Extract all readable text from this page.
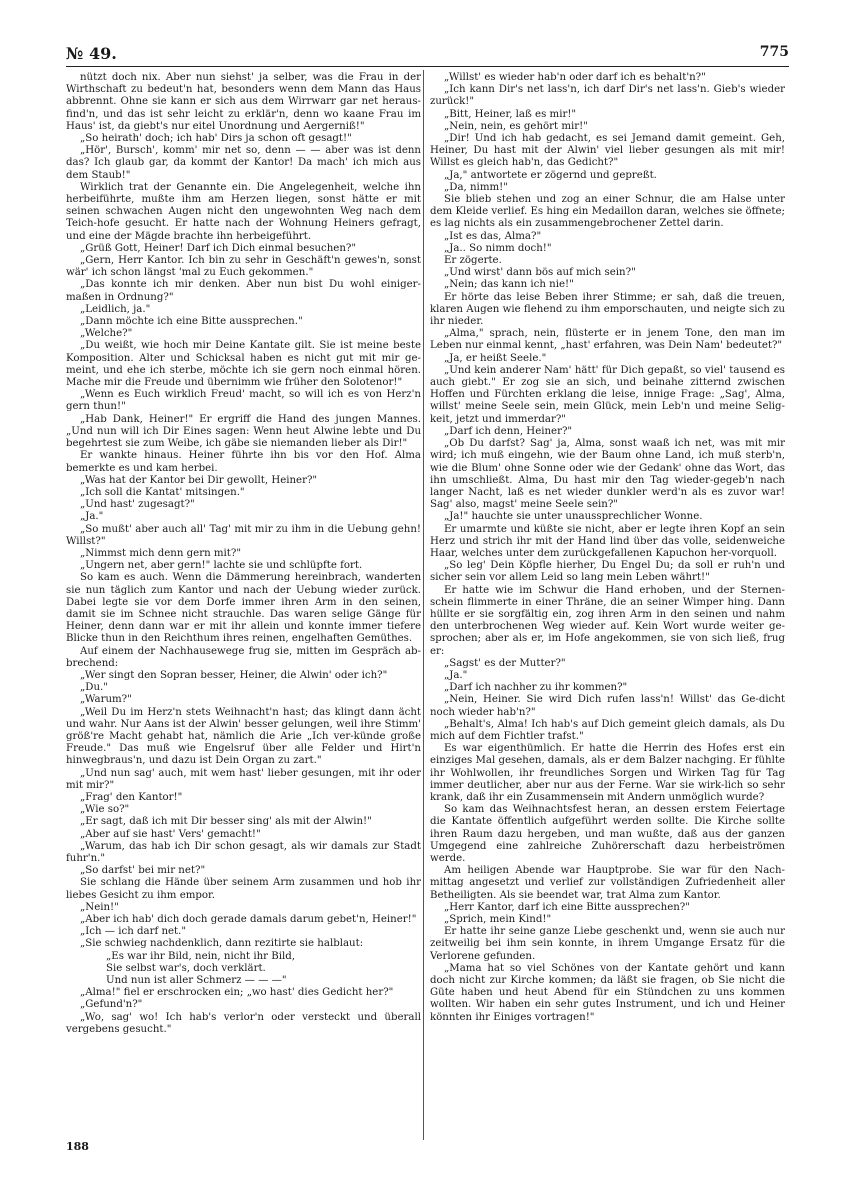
№ 49.	775

nützt doch nix. Aber nun siehst' ja selber, was die Frau in der Wirthschaft zu bedeut'n hat, besonders wenn dem Mann das Haus abbrennt. Ohne sie kann er sich aus dem Wirrwarr gar net heraus-find'n, und das ist sehr leicht zu erklär'n, denn wo kaane Frau im Haus' ist, da giebt's nur eitel Unordnung und Aergerniß!"

„So heirath' doch; ich hab' Dirs ja schon oft gesagt!"

„Hör', Bursch', komm' mir net so, denn — — aber was ist denn das? Ich glaub gar, da kommt der Kantor! Da mach' ich mich aus dem Staub!"

Wirklich trat der Genannte ein. Die Angelegenheit, welche ihn herbeiführte, mußte ihm am Herzen liegen, sonst hätte er mit seinen schwachen Augen nicht den ungewohnten Weg nach dem Teich-hofe gesucht. Er hatte nach der Wohnung Heiners gefragt, und eine der Mägde brachte ihn herbeigeführt.

„Grüß Gott, Heiner! Darf ich Dich einmal besuchen?"

„Gern, Herr Kantor. Ich bin zu sehr in Geschäft'n gewes'n, sonst wär' ich schon längst 'mal zu Euch gekommen."

„Das konnte ich mir denken. Aber nun bist Du wohl einiger-maßen in Ordnung?"

„Leidlich, ja."

„Dann möchte ich eine Bitte aussprechen."

„Welche?"

„Du weißt, wie hoch mir Deine Kantate gilt. Sie ist meine beste Komposition. Alter und Schicksal haben es nicht gut mit mir ge-meint, und ehe ich sterbe, möchte ich sie gern noch einmal hören. Mache mir die Freude und übernimm wie früher den Solotenor!"

„Wenn es Euch wirklich Freud' macht, so will ich es von Herz'n gern thun!"

„Hab Dank, Heiner!" Er ergriff die Hand des jungen Mannes. „Und nun will ich Dir Eines sagen: Wenn heut Alwine lebte und Du begehrtest sie zum Weibe, ich gäbe sie niemanden lieber als Dir!"

Er wankte hinaus. Heiner führte ihn bis vor den Hof. Alma bemerkte es und kam herbei.

„Was hat der Kantor bei Dir gewollt, Heiner?"

„Ich soll die Kantat' mitsingen."

„Und hast' zugesagt?"

„Ja."

„So mußt' aber auch all' Tag' mit mir zu ihm in die Uebung gehn! Willst?"

„Nimmst mich denn gern mit?"

„Ungern net, aber gern!" lachte sie und schlüpfte fort.

So kam es auch. Wenn die Dämmerung hereinbrach, wanderten sie nun täglich zum Kantor und nach der Uebung wieder zurück. Dabei legte sie vor dem Dorfe immer ihren Arm in den seinen, damit sie im Schnee nicht strauchle. Das waren selige Gänge für Heiner, denn dann war er mit ihr allein und konnte immer tiefere Blicke thun in den Reichthum ihres reinen, engelhaften Gemüthes.

Auf einem der Nachhausewege frug sie, mitten im Gespräch ab-brechend:

„Wer singt den Sopran besser, Heiner, die Alwin' oder ich?"

„Du."

„Warum?"

„Weil Du im Herz'n stets Weihnacht'n hast; das klingt dann ächt und wahr. Nur Aans ist der Alwin' besser gelungen, weil ihre Stimm' größ're Macht gehabt hat, nämlich die Arie „Ich ver-künde große Freude." Das muß wie Engelsruf über alle Felder und Hirt'n hinwegbraus'n, und dazu ist Dein Organ zu zart."

„Und nun sag' auch, mit wem hast' lieber gesungen, mit ihr oder mit mir?"

„Frag' den Kantor!"

„Wie so?"

„Er sagt, daß ich mit Dir besser sing' als mit der Alwin!"

„Aber auf sie hast' Vers' gemacht!"

„Warum, das hab ich Dir schon gesagt, als wir damals zur Stadt fuhr'n."

„So darfst' bei mir net?"

Sie schlang die Hände über seinem Arm zusammen und hob ihr liebes Gesicht zu ihm empor.

„Nein!"

„Aber ich hab' dich doch gerade damals darum gebet'n, Heiner!"

„Ich — ich darf net."

„Sie schwieg nachdenklich, dann rezitirte sie halblaut:

„Es war ihr Bild, nein, nicht ihr Bild,

Sie selbst war's, doch verklärt.

Und nun ist aller Schmerz — — —"

„Alma!" fiel er erschrocken ein; „wo hast' dies Gedicht her?"

„Gefund'n?"

„Wo, sag' wo! Ich hab's verlor'n oder versteckt und überall vergebens gesucht."

„Willst' es wieder hab'n oder darf ich es behalt'n?"

„Ich kann Dir's net lass'n, ich darf Dir's net lass'n. Gieb's wieder zurück!"

„Bitt, Heiner, laß es mir!"

„Nein, nein, es gehört mir!"

„Dir! Und ich hab gedacht, es sei Jemand damit gemeint. Geh, Heiner, Du hast mit der Alwin' viel lieber gesungen als mit mir! Willst es gleich hab'n, das Gedicht?"

„Ja," antwortete er zögernd und gepreßt.

„Da, nimm!"

Sie blieb stehen und zog an einer Schnur, die am Halse unter dem Kleide verlief. Es hing ein Medaillon daran, welches sie öffnete; es lag nichts als ein zusammengebrochener Zettel darin.

„Ist es das, Alma?"

„Ja.. So nimm doch!"

Er zögerte.

„Und wirst' dann bös auf mich sein?"

„Nein; das kann ich nie!"

Er hörte das leise Beben ihrer Stimme; er sah, daß die treuen, klaren Augen wie flehend zu ihm emporschauten, und neigte sich zu ihr nieder.

„Alma," sprach, nein, flüsterte er in jenem Tone, den man im Leben nur einmal kennt, „hast' erfahren, was Dein Nam' bedeutet?"

„Ja, er heißt Seele."

„Und kein anderer Nam' hätt' für Dich gepaßt, so viel' tausend es auch giebt." Er zog sie an sich, und beinahe zitternd zwischen Hoffen und Fürchten erklang die leise, innige Frage: „Sag', Alma, willst' meine Seele sein, mein Glück, mein Leb'n und meine Selig-keit, jetzt und immerdar?"

„Darf ich denn, Heiner?"

„Ob Du darfst? Sag' ja, Alma, sonst waaß ich net, was mit mir wird; ich muß eingehn, wie der Baum ohne Land, ich muß sterb'n, wie die Blum' ohne Sonne oder wie der Gedank' ohne das Wort, das ihn umschließt. Alma, Du hast mir den Tag wieder-gegeb'n nach langer Nacht, laß es net wieder dunkler werd'n als es zuvor war! Sag' also, magst' meine Seele sein?"

„Ja!" hauchte sie unter unaussprechlicher Wonne.

Er umarmte und küßte sie nicht, aber er legte ihren Kopf an sein Herz und strich ihr mit der Hand lind über das volle, seidenweiche Haar, welches unter dem zurückgefallenen Kapuchon her-vorquoll.

„So leg' Dein Köpfle hierher, Du Engel Du; da soll er ruh'n und sicher sein vor allem Leid so lang mein Leben währt!"

Er hatte wie im Schwur die Hand erhoben, und der Sternen-schein flimmerte in einer Thräne, die an seiner Wimper hing. Dann hüllte er sie sorgfältig ein, zog ihren Arm in den seinen und nahm den unterbrochenen Weg wieder auf. Kein Wort wurde weiter ge-sprochen; aber als er, im Hofe angekommen, sie von sich ließ, frug er:

„Sagst' es der Mutter?"

„Ja."

„Darf ich nachher zu ihr kommen?"

„Nein, Heiner. Sie wird Dich rufen lass'n! Willst' das Ge-dicht noch wieder hab'n?"

„Behalt's, Alma! Ich hab's auf Dich gemeint gleich damals, als Du mich auf dem Fichtler trafst."

Es war eigenthümlich. Er hatte die Herrin des Hofes erst ein einziges Mal gesehen, damals, als er dem Balzer nachging. Er fühlte ihr Wohlwollen, ihr freundliches Sorgen und Wirken Tag für Tag immer deutlicher, aber nur aus der Ferne. War sie wirk-lich so sehr krank, daß ihr ein Zusammensein mit Andern unmöglich wurde?

So kam das Weihnachtsfest heran, an dessen erstem Feiertage die Kantate öffentlich aufgeführt werden sollte. Die Kirche sollte ihren Raum dazu hergeben, und man wußte, daß aus der ganzen Umgegend eine zahlreiche Zuhörerschaft dazu herbeiströmen werde.

Am heiligen Abende war Hauptprobe. Sie war für den Nach-mittag angesetzt und verlief zur vollständigen Zufriedenheit aller Betheiligten. Als sie beendet war, trat Alma zum Kantor.

„Herr Kantor, darf ich eine Bitte aussprechen?"

„Sprich, mein Kind!"

Er hatte ihr seine ganze Liebe geschenkt und, wenn sie auch nur zeitweilig bei ihm sein konnte, in ihrem Umgange Ersatz für die Verlorene gefunden.

„Mama hat so viel Schönes von der Kantate gehört und kann doch nicht zur Kirche kommen; da läßt sie fragen, ob Sie nicht die Güte haben und heut Abend für ein Stündchen zu uns kommen wollten. Wir haben ein sehr gutes Instrument, und ich und Heiner könnten ihr Einiges vortragen!"

188
